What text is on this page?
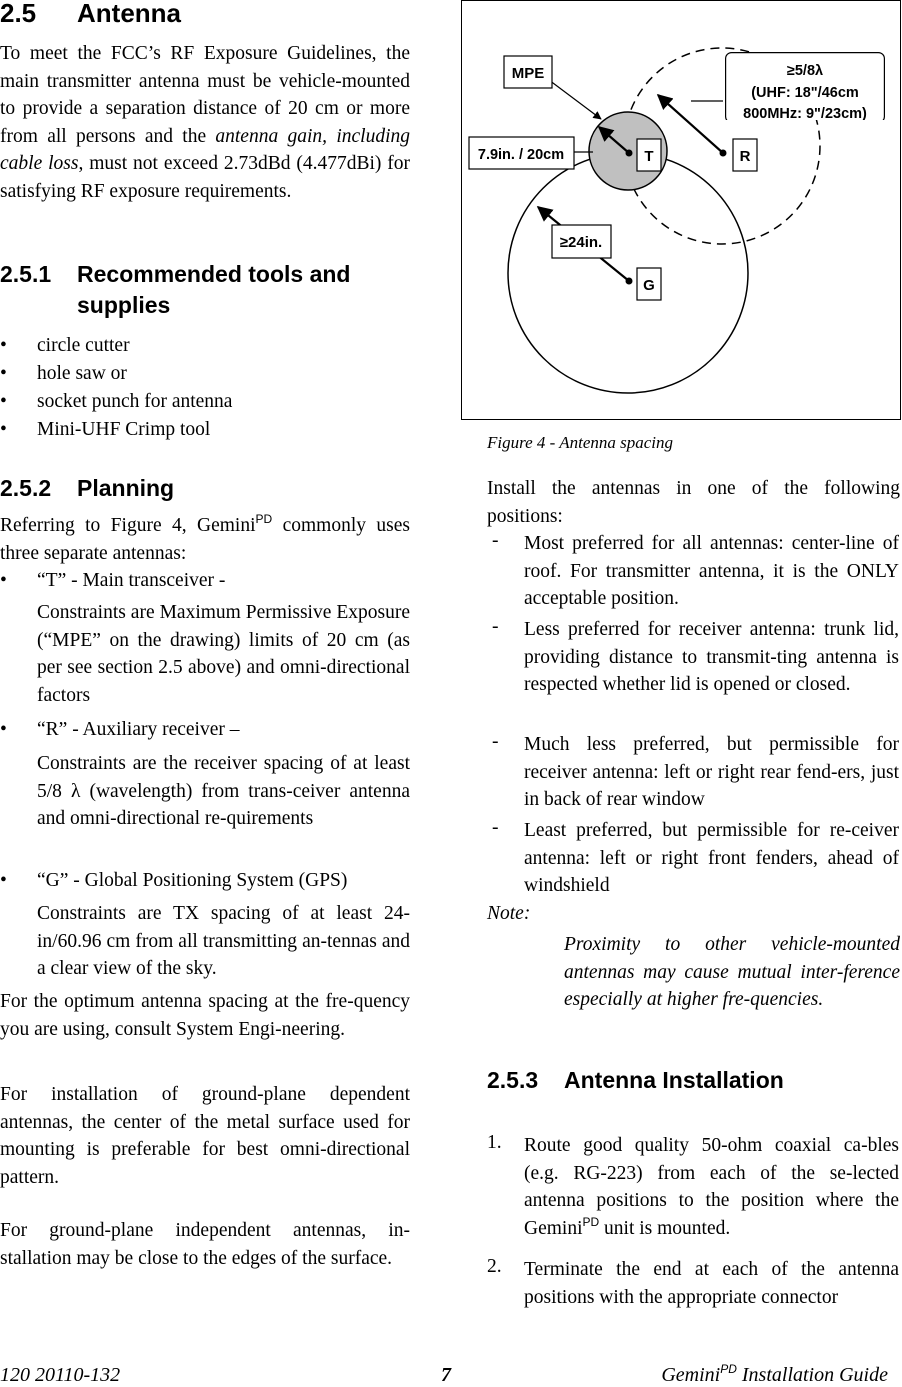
2.5 Antenna
To meet the FCC’s RF Exposure Guidelines, the main transmitter antenna must be vehicle-mounted to provide a separation distance of 20 cm or more from all persons and the antenna gain, including cable loss, must not exceed 2.73dBd (4.477dBi) for satisfying RF exposure requirements.
2.5.1 Recommended tools and
supplies
• circle cutter
• hole saw or
• socket punch for antenna
• Mini-UHF Crimp tool
2.5.2 Planning
Referring to Figure 4, Gemini$^{PD}$ commonly uses three separate antennas:
• “T” - Main transceiver -
Constraints are Maximum Permissive Exposure (“MPE” on the drawing) limits of 20 cm (as per see section 2.5 above) and omni-directional factors
• “R” - Auxiliary receiver –
Constraints are the receiver spacing of at least 5/8 λ (wavelength) from trans-ceiver antenna and omni-directional re-quirements
• “G” - Global Positioning System (GPS)
Constraints are TX spacing of at least 24-in/60.96 cm from all transmitting an-tennas and a clear view of the sky.
For the optimum antenna spacing at the fre-quency you are using, consult System Engi-neering.
For installation of ground-plane dependent antennas, the center of the metal surface used for mounting is preferable for best omni-directional pattern.
For ground-plane independent antennas, in-stallation may be close to the edges of the surface.
MPE
7.9in. / 20cm	T	R
G
≥24in.
≥5/8λ
(UHF: 18"/46cm
800MHz: 9"/23cm)
Figure 4 - Antenna spacing
Install the antennas in one of the following positions:
- Most preferred for all antennas: center-line of roof. For transmitter antenna, it is the ONLY acceptable position.
- Less preferred for receiver antenna: trunk lid, providing distance to transmit-ting antenna is respected whether lid is opened or closed.
- Much less preferred, but permissible for receiver antenna: left or right rear fend-ers, just in back of rear window
- Least preferred, but permissible for re-ceiver antenna: left or right front fenders, ahead of windshield
Note:
Proximity to other vehicle-mounted antennas may cause mutual inter-ference especially at higher fre-quencies.
2.5.3 Antenna Installation
1. Route good quality 50-ohm coaxial ca-bles (e.g. RG-223) from each of the se-lected antenna positions to the position where the Gemini$^{PD}$ unit is mounted.
2. Terminate the end at each of the antenna positions with the appropriate connector
120 20110-132	7	Gemini$^{PD}$ Installation Guide
